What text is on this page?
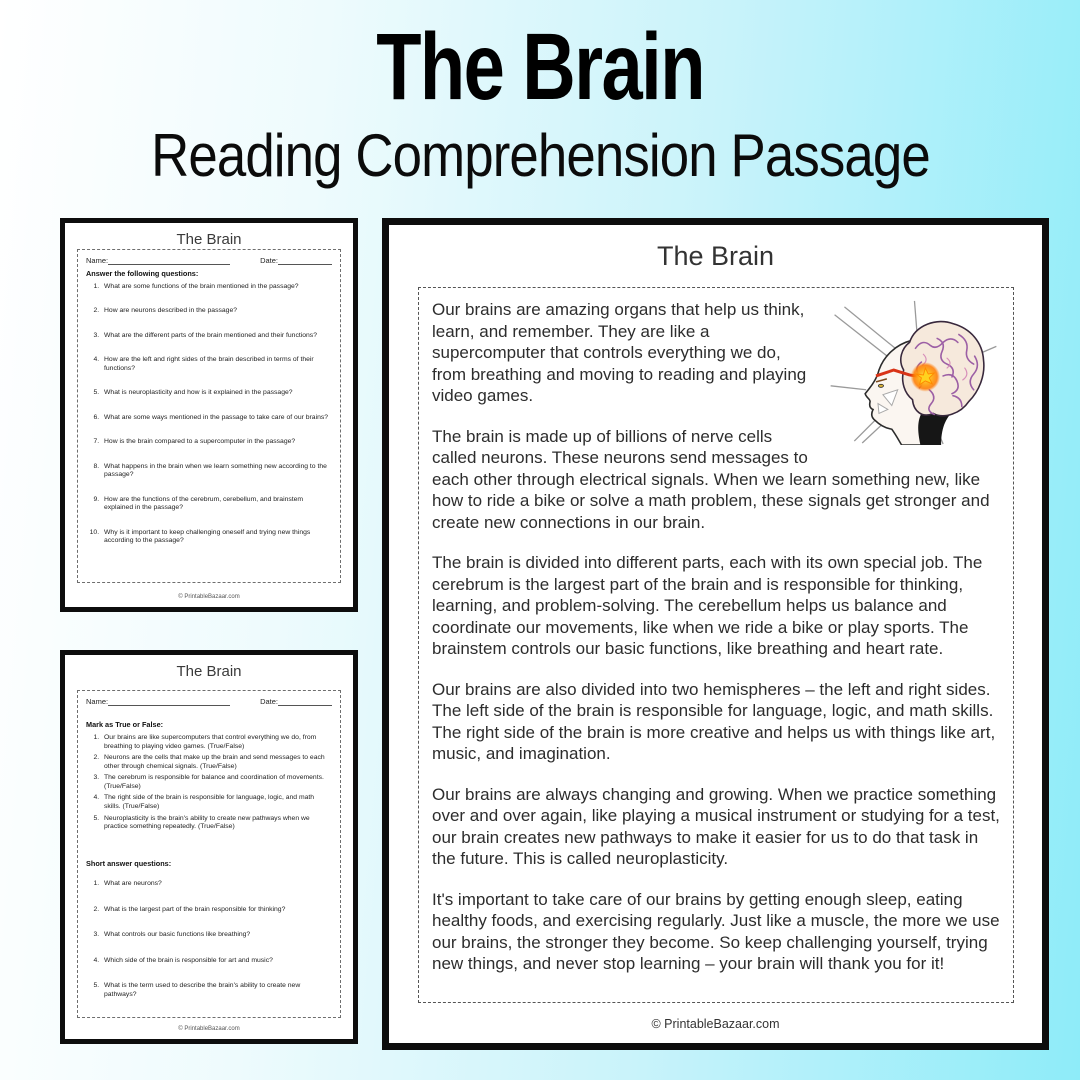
The Brain
Reading Comprehension Passage
The Brain
Name:	Date:
Answer the following questions:
1. What are some functions of the brain mentioned in the passage?
2. How are neurons described in the passage?
3. What are the different parts of the brain mentioned and their functions?
4. How are the left and right sides of the brain described in terms of their functions?
5. What is neuroplasticity and how is it explained in the passage?
6. What are some ways mentioned in the passage to take care of our brains?
7. How is the brain compared to a supercomputer in the passage?
8. What happens in the brain when we learn something new according to the passage?
9. How are the functions of the cerebrum, cerebellum, and brainstem explained in the passage?
10. Why is it important to keep challenging oneself and trying new things according to the passage?
© PrintableBazaar.com
The Brain
Name:	Date:
Mark as True or False:
1. Our brains are like supercomputers that control everything we do, from breathing to playing video games. (True/False)
2. Neurons are the cells that make up the brain and send messages to each other through chemical signals. (True/False)
3. The cerebrum is responsible for balance and coordination of movements. (True/False)
4. The right side of the brain is responsible for language, logic, and math skills. (True/False)
5. Neuroplasticity is the brain's ability to create new pathways when we practice something repeatedly. (True/False)
Short answer questions:
1. What are neurons?
2. What is the largest part of the brain responsible for thinking?
3. What controls our basic functions like breathing?
4. Which side of the brain is responsible for art and music?
5. What is the term used to describe the brain's ability to create new pathways?
© PrintableBazaar.com
The Brain

Our brains are amazing organs that help us think, learn, and remember. They are like a supercomputer that controls everything we do, from breathing and moving to reading and playing video games.

The brain is made up of billions of nerve cells called neurons. These neurons send messages to each other through electrical signals. When we learn something new, like how to ride a bike or solve a math problem, these signals get stronger and create new connections in our brain.

The brain is divided into different parts, each with its own special job. The cerebrum is the largest part of the brain and is responsible for thinking, learning, and problem-solving. The cerebellum helps us balance and coordinate our movements, like when we ride a bike or play sports. The brainstem controls our basic functions, like breathing and heart rate.

Our brains are also divided into two hemispheres – the left and right sides. The left side of the brain is responsible for language, logic, and math skills. The right side of the brain is more creative and helps us with things like art, music, and imagination.

Our brains are always changing and growing. When we practice something over and over again, like playing a musical instrument or studying for a test, our brain creates new pathways to make it easier for us to do that task in the future. This is called neuroplasticity.

It's important to take care of our brains by getting enough sleep, eating healthy foods, and exercising regularly. Just like a muscle, the more we use our brains, the stronger they become. So keep challenging yourself, trying new things, and never stop learning – your brain will thank you for it!

© PrintableBazaar.com
